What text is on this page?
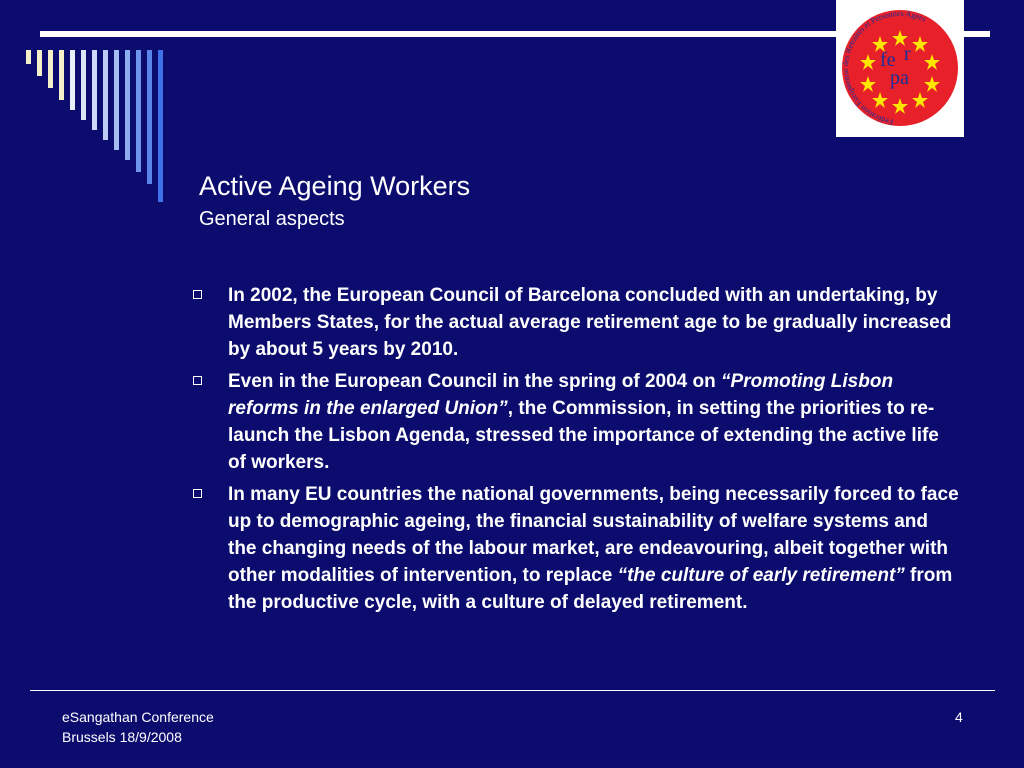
Fédération Européenne des Retraités et Personnes Agées
fe r
pa
Active Ageing Workers
General aspects
In 2002, the European Council of Barcelona concluded with an undertaking, by Members States, for the actual average retirement age to be gradually increased by about 5 years by 2010.
Even in the European Council in the spring of 2004 on “Promoting Lisbon reforms in the enlarged Union”, the Commission, in setting the priorities to re-launch the Lisbon Agenda, stressed the importance of extending the active life of workers.
In many EU countries the national governments, being necessarily forced to face up to demographic ageing, the financial sustainability of welfare systems and the changing needs of the labour market, are endeavouring, albeit together with other modalities of intervention, to replace “the culture of early retirement” from the productive cycle, with a culture of delayed retirement.
eSangathan Conference
Brussels 18/9/2008
4
